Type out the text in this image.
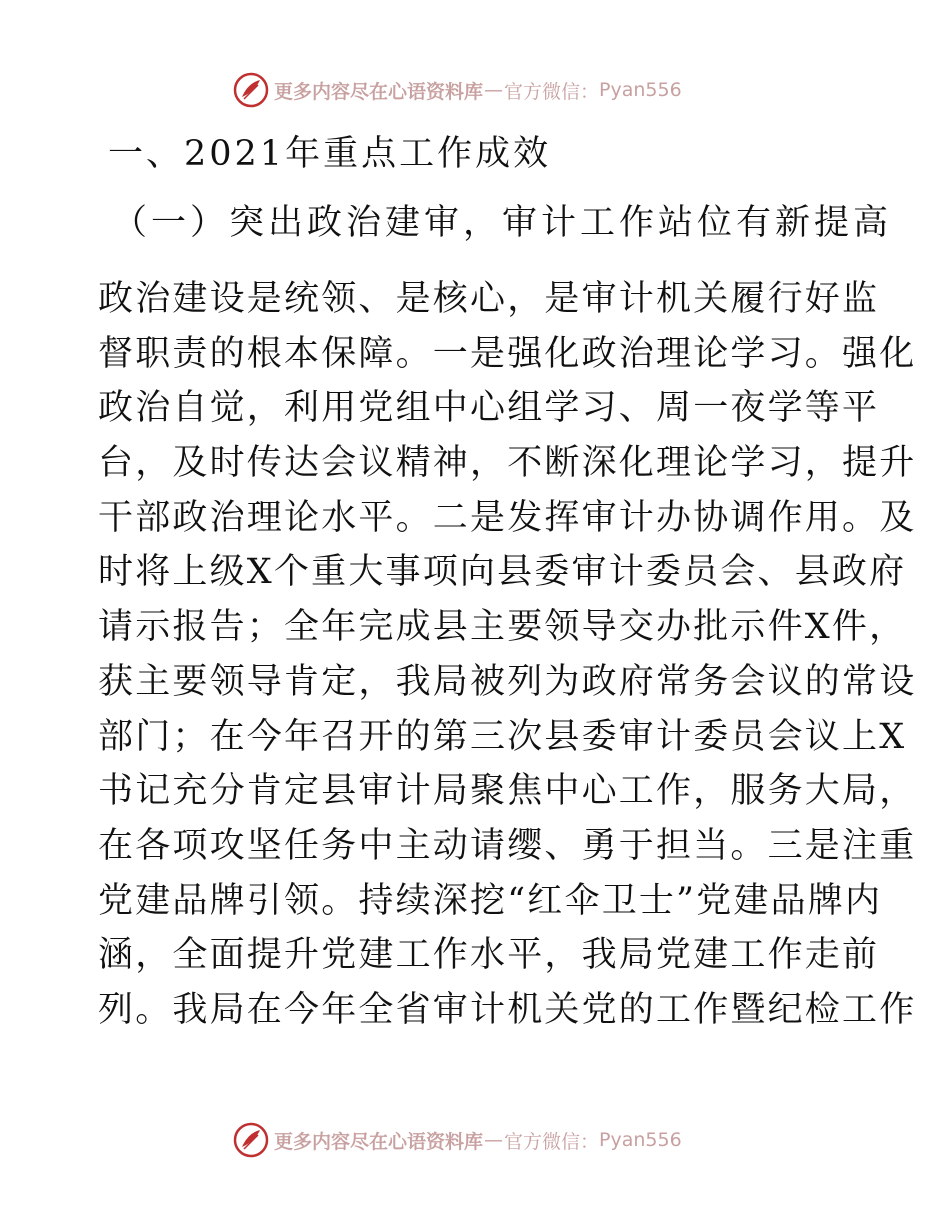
更多内容尽在心语资料库 — 官方微信： Pyan556
一、2021年重点工作成效
（一）突出政治建审，审计工作站位有新提高
政治建设是统领、是核心，是审计机关履行好监
督职责的根本保障。一是强化政治理论学习。强化
政治自觉，利用党组中心组学习、周一夜学等平
台，及时传达会议精神，不断深化理论学习，提升
干部政治理论水平。二是发挥审计办协调作用。及
时将上级X个重大事项向县委审计委员会、县政府
请示报告；全年完成县主要领导交办批示件X件，
获主要领导肯定，我局被列为政府常务会议的常设
部门；在今年召开的第三次县委审计委员会议上X
书记充分肯定县审计局聚焦中心工作，服务大局，
在各项攻坚任务中主动请缨、勇于担当。三是注重
党建品牌引领。持续深挖“红伞卫士”党建品牌内
涵，全面提升党建工作水平，我局党建工作走前
列。我局在今年全省审计机关党的工作暨纪检工作
更多内容尽在心语资料库 — 官方微信： Pyan556
